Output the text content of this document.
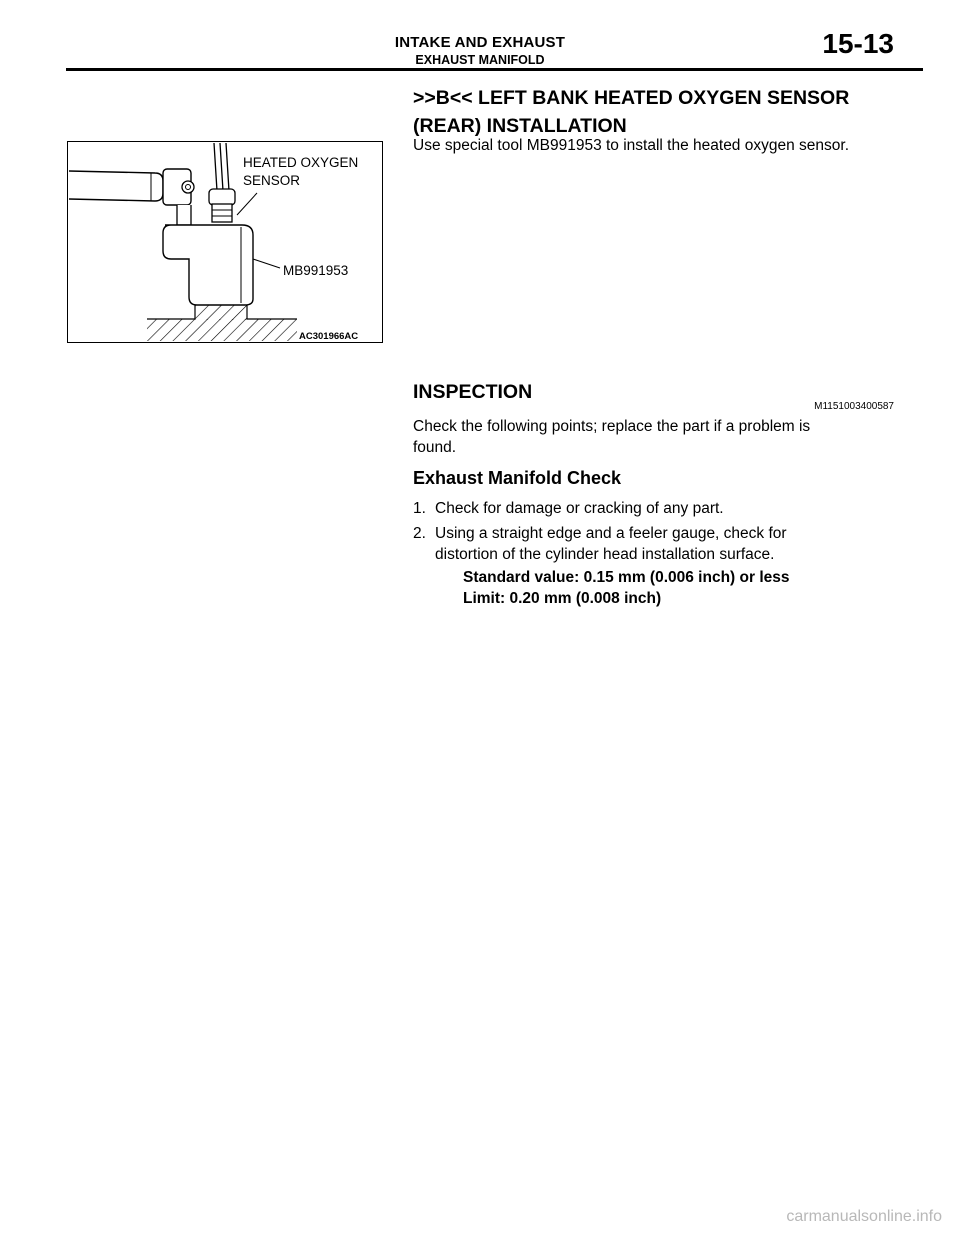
INTAKE AND EXHAUST
EXHAUST MANIFOLD
15-13
>>B<< LEFT BANK HEATED OXYGEN SENSOR
(REAR) INSTALLATION
Use special tool MB991953 to install the heated oxygen sensor.
HEATED OXYGEN
SENSOR
MB991953
AC301966AC
INSPECTION
M1151003400587
Check the following points; replace the part if a problem is
found.
Exhaust Manifold Check
1. Check for damage or cracking of any part.
2. Using a straight edge and a feeler gauge, check for
distortion of the cylinder head installation surface.
Standard value: 0.15 mm (0.006 inch) or less
Limit: 0.20 mm (0.008 inch)
carmanualsonline.info
